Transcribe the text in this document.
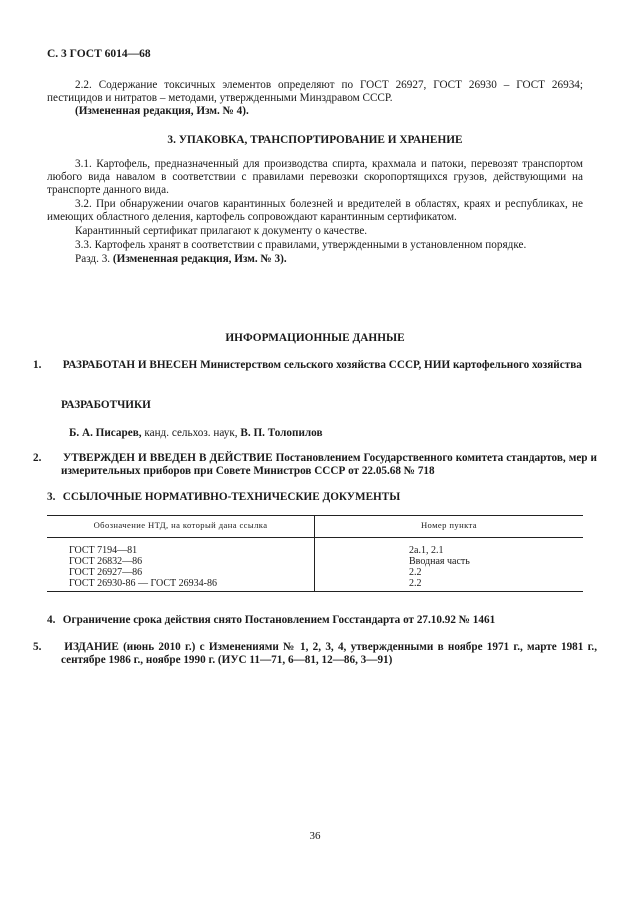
С. 3 ГОСТ 6014—68
2.2. Содержание токсичных элементов определяют по ГОСТ 26927, ГОСТ 26930 – ГОСТ 26934; пестицидов и нитратов – методами, утвержденными Минздравом СССР.
(Измененная редакция, Изм. № 4).
3. УПАКОВКА, ТРАНСПОРТИРОВАНИЕ И ХРАНЕНИЕ
3.1. Картофель, предназначенный для производства спирта, крахмала и патоки, перевозят транспортом любого вида навалом в соответствии с правилами перевозки скоропортящихся грузов, действующими на транспорте данного вида.
3.2. При обнаружении очагов карантинных болезней и вредителей в областях, краях и республиках, не имеющих областного деления, картофель сопровождают карантинным сертификатом.
Карантинный сертификат прилагают к документу о качестве.
3.3. Картофель хранят в соответствии с правилами, утвержденными в установленном порядке.
Разд. 3. (Измененная редакция, Изм. № 3).
ИНФОРМАЦИОННЫЕ ДАННЫЕ
1. РАЗРАБОТАН И ВНЕСЕН Министерством сельского хозяйства СССР, НИИ картофельного хозяйства
РАЗРАБОТЧИКИ
Б. А. Писарев, канд. сельхоз. наук, В. П. Толопилов
2. УТВЕРЖДЕН И ВВЕДЕН В ДЕЙСТВИЕ Постановлением Государственного комитета стандартов, мер и измерительных приборов при Совете Министров СССР от 22.05.68 № 718
3. ССЫЛОЧНЫЕ НОРМАТИВНО-ТЕХНИЧЕСКИЕ ДОКУМЕНТЫ
Обозначение НТД, на который дана ссылка	Номер пункта
ГОСТ 7194—81	2а.1, 2.1
ГОСТ 26832—86	Вводная часть
ГОСТ 26927—86	2.2
ГОСТ 26930-86 — ГОСТ 26934-86	2.2
4. Ограничение срока действия снято Постановлением Госстандарта от 27.10.92 № 1461
5. ИЗДАНИЕ (июнь 2010 г.) с Изменениями № 1, 2, 3, 4, утвержденными в ноябре 1971 г., марте 1981 г., сентябре 1986 г., ноябре 1990 г. (ИУС 11—71, 6—81, 12—86, 3—91)
36
